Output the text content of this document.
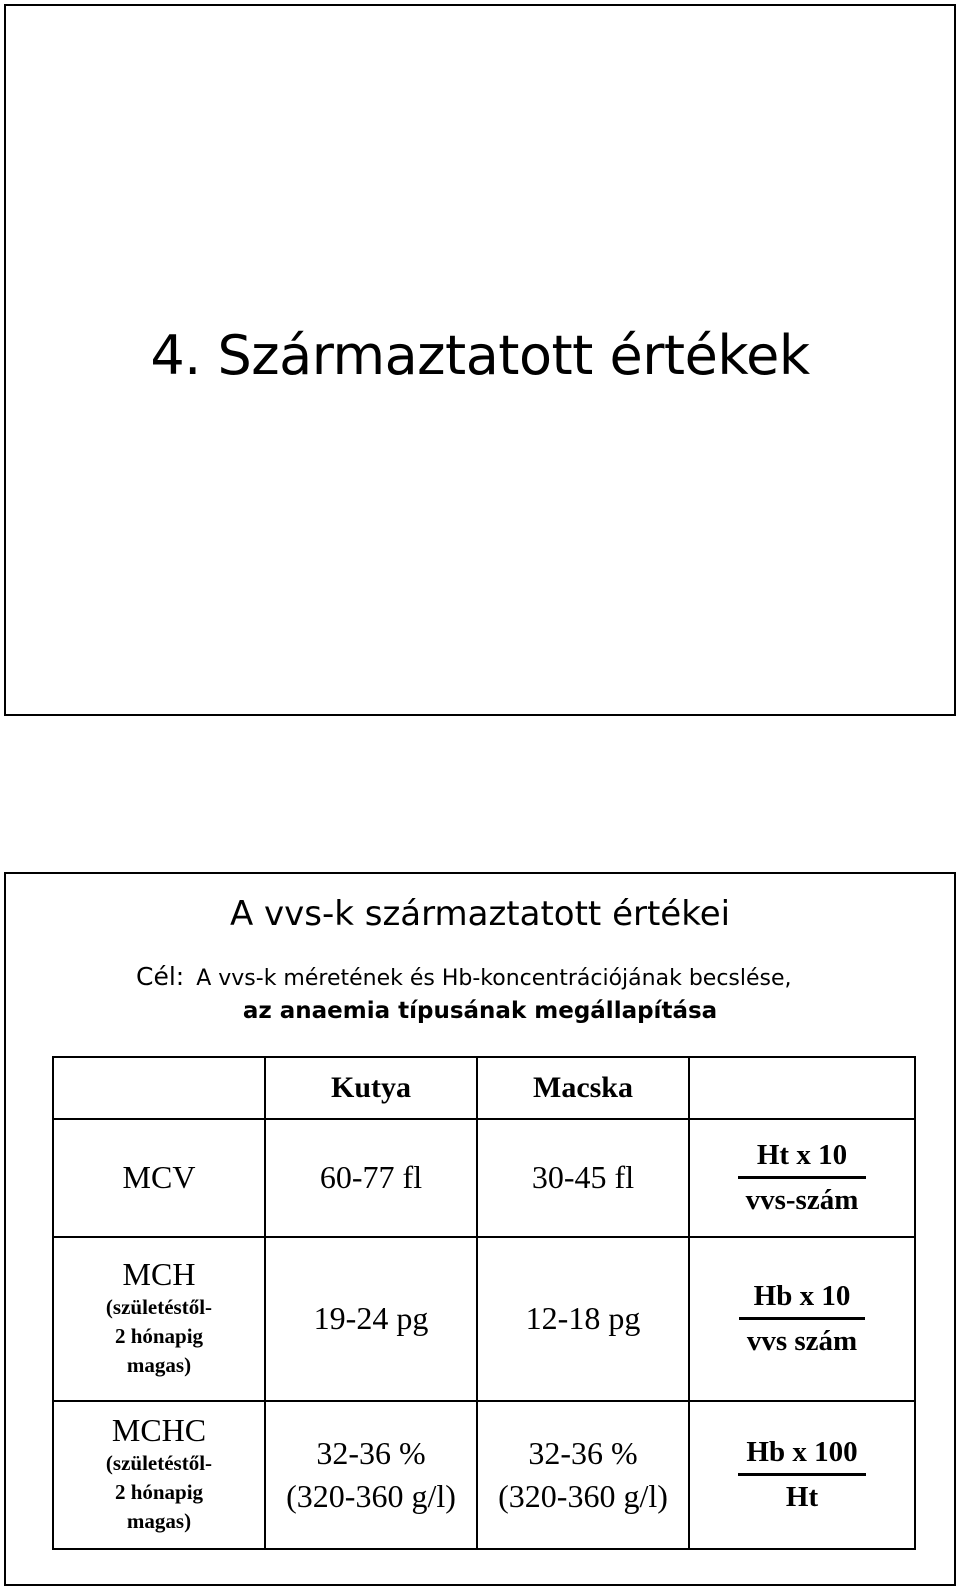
4. Származtatott értékek
A vvs-k származtatott értékei
Cél: A vvs-k méretének és Hb-koncentrációjának becslése,
az anaemia típusának megállapítása
	Kutya	Macska	

MCV	60-77 fl	30-45 fl	$\frac{\text{Ht x 10}}{\text{vvs-szám}}$

MCH
(születéstől-
2 hónapig
magas)	19-24 pg	12-18 pg	$\frac{\text{Hb x 10}}{\text{vvs szám}}$

MCHC
(születéstől-
2 hónapig
magas)	32-36 %
(320-360 g/l)	32-36 %
(320-360 g/l)	$\frac{\text{Hb x 100}}{Ht}$
